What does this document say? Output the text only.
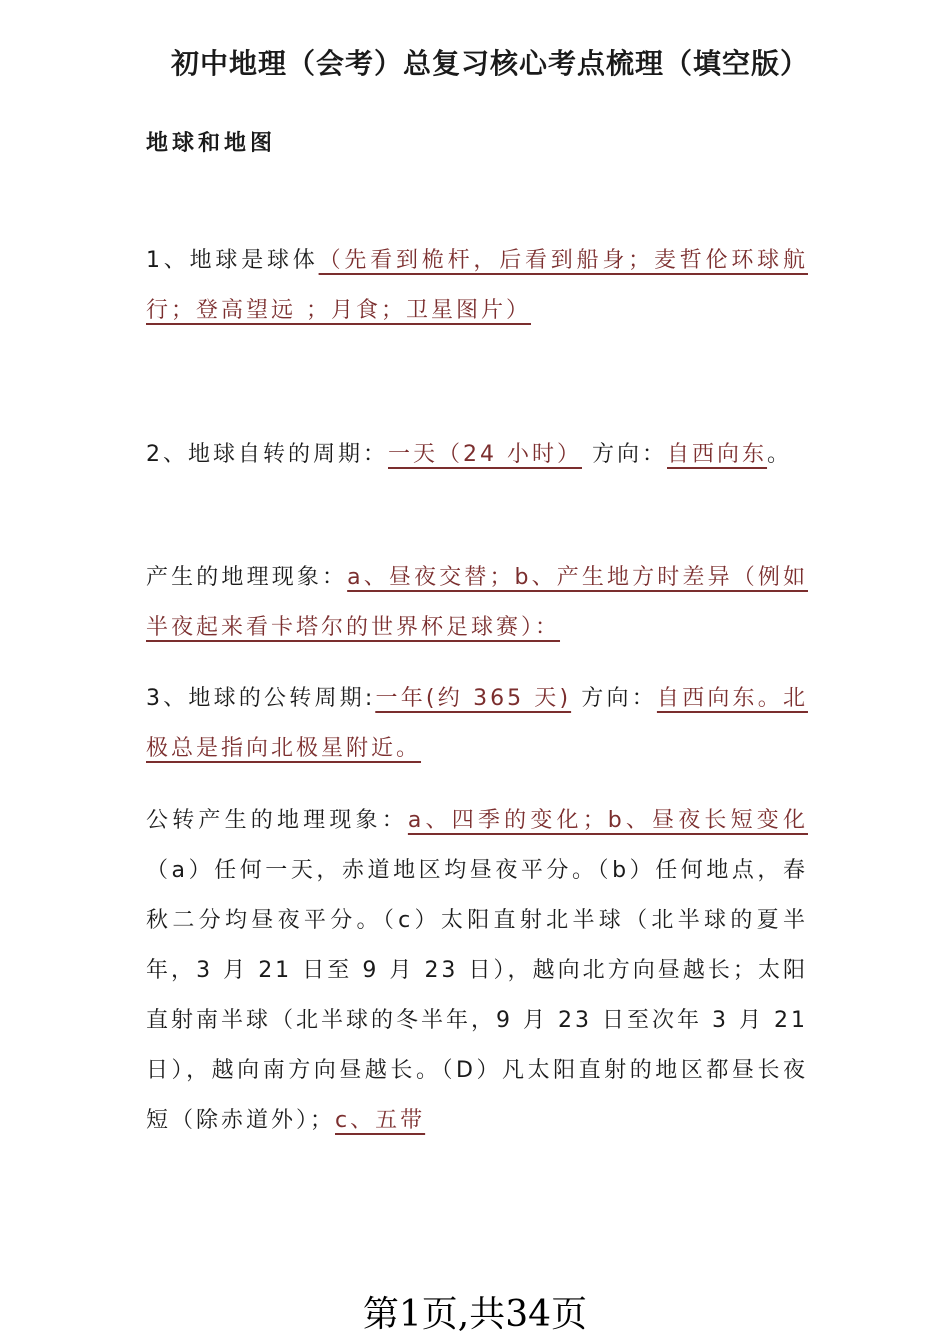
初中地理（会考）总复习核心考点梳理（填空版）
地球和地图
1、地球是球体（先看到桅杆，后看到船身；麦哲伦环球航行；登高望远 ；月食；卫星图片）
2、地球自转的周期：一天（24 小时） 方向：自西向东。
产生的地理现象：a、昼夜交替；b、产生地方时差异（例如半夜起来看卡塔尔的世界杯足球赛）：
3、地球的公转周期:一年(约 365 天) 方向：自西向东。北极总是指向北极星附近。
公转产生的地理现象：a、四季的变化；b、昼夜长短变化（a）任何一天，赤道地区均昼夜平分。（b）任何地点，春秋二分均昼夜平分。（c）太阳直射北半球（北半球的夏半年，3 月 21 日至 9 月 23 日），越向北方向昼越长；太阳直射南半球（北半球的冬半年，9 月 23 日至次年 3 月 21 日），越向南方向昼越长。（D）凡太阳直射的地区都昼长夜短（除赤道外）；c、五带
第1页,共34页
